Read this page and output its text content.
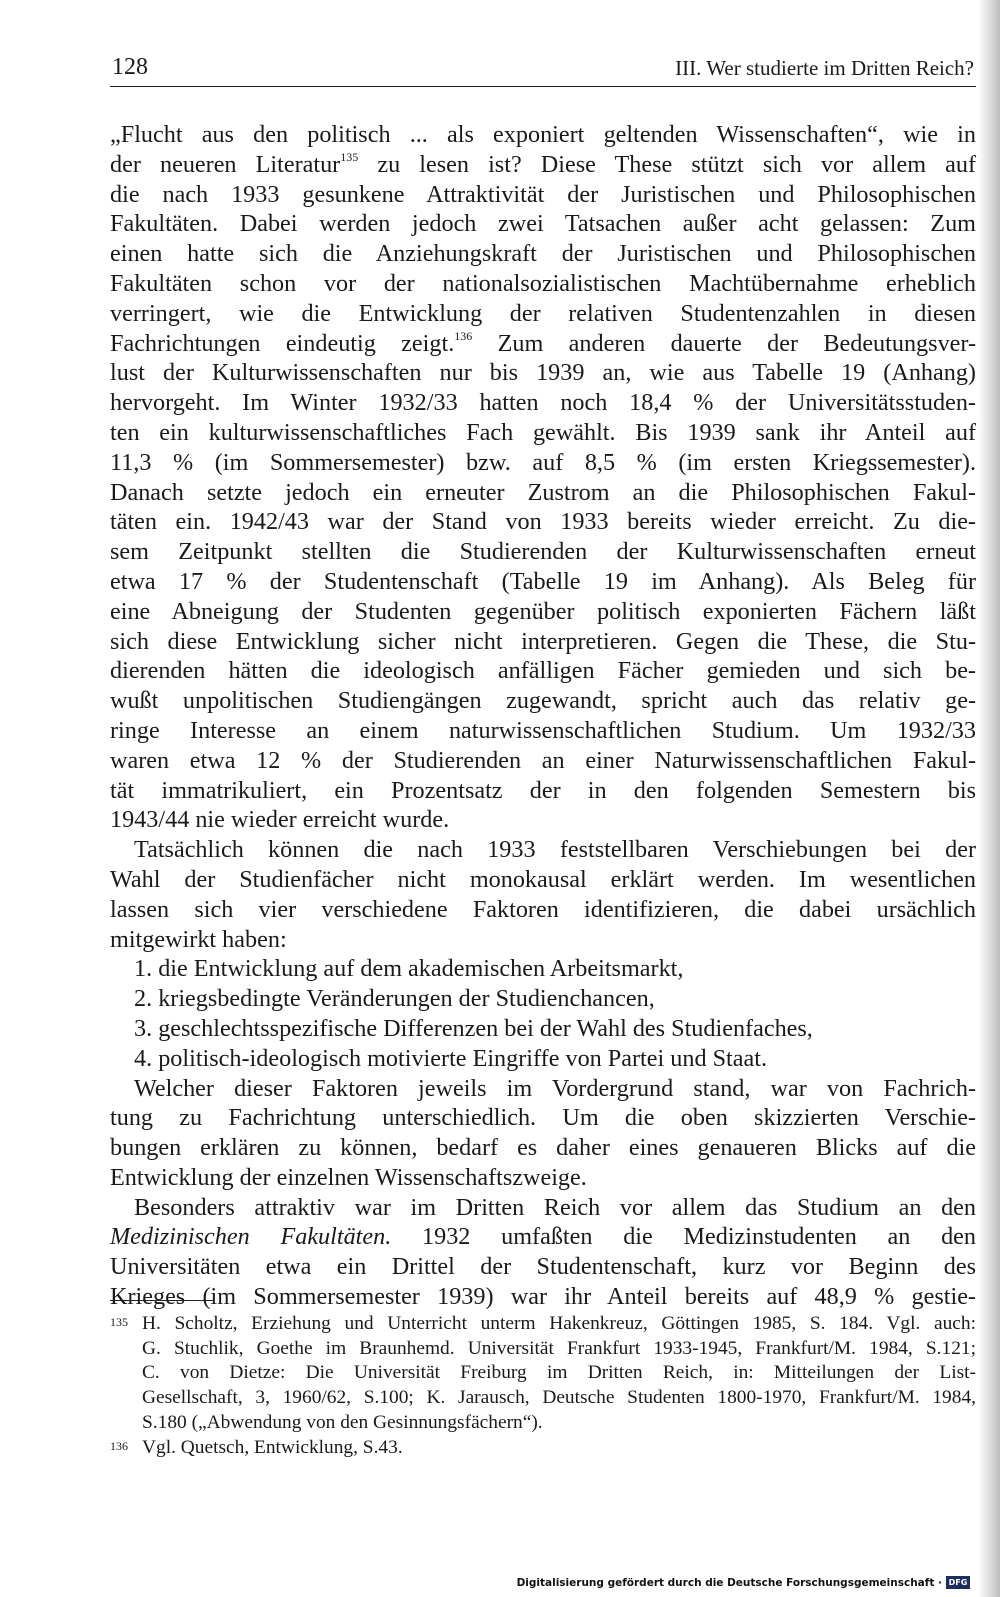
128	III. Wer studierte im Dritten Reich?
„Flucht aus den politisch ... als exponiert geltenden Wissenschaften“, wie in
der neueren Literatur$^{135}$ zu lesen ist? Diese These stützt sich vor allem auf
die nach 1933 gesunkene Attraktivität der Juristischen und Philosophischen
Fakultäten. Dabei werden jedoch zwei Tatsachen außer acht gelassen: Zum
einen hatte sich die Anziehungskraft der Juristischen und Philosophischen
Fakultäten schon vor der nationalsozialistischen Machtübernahme erheblich
verringert, wie die Entwicklung der relativen Studentenzahlen in diesen
Fachrichtungen eindeutig zeigt.$^{136}$ Zum anderen dauerte der Bedeutungsver-
lust der Kulturwissenschaften nur bis 1939 an, wie aus Tabelle 19 (Anhang)
hervorgeht. Im Winter 1932/33 hatten noch 18,4 % der Universitätsstuden-
ten ein kulturwissenschaftliches Fach gewählt. Bis 1939 sank ihr Anteil auf
11,3 % (im Sommersemester) bzw. auf 8,5 % (im ersten Kriegssemester).
Danach setzte jedoch ein erneuter Zustrom an die Philosophischen Fakul-
täten ein. 1942/43 war der Stand von 1933 bereits wieder erreicht. Zu die-
sem Zeitpunkt stellten die Studierenden der Kulturwissenschaften erneut
etwa 17 % der Studentenschaft (Tabelle 19 im Anhang). Als Beleg für
eine Abneigung der Studenten gegenüber politisch exponierten Fächern läßt
sich diese Entwicklung sicher nicht interpretieren. Gegen die These, die Stu-
dierenden hätten die ideologisch anfälligen Fächer gemieden und sich be-
wußt unpolitischen Studiengängen zugewandt, spricht auch das relativ ge-
ringe Interesse an einem naturwissenschaftlichen Studium. Um 1932/33
waren etwa 12 % der Studierenden an einer Naturwissenschaftlichen Fakul-
tät immatrikuliert, ein Prozentsatz der in den folgenden Semestern bis
1943/44 nie wieder erreicht wurde.
Tatsächlich können die nach 1933 feststellbaren Verschiebungen bei der
Wahl der Studienfächer nicht monokausal erklärt werden. Im wesentlichen
lassen sich vier verschiedene Faktoren identifizieren, die dabei ursächlich
mitgewirkt haben:
1. die Entwicklung auf dem akademischen Arbeitsmarkt,
2. kriegsbedingte Veränderungen der Studienchancen,
3. geschlechtsspezifische Differenzen bei der Wahl des Studienfaches,
4. politisch-ideologisch motivierte Eingriffe von Partei und Staat.
Welcher dieser Faktoren jeweils im Vordergrund stand, war von Fachrich-
tung zu Fachrichtung unterschiedlich. Um die oben skizzierten Verschie-
bungen erklären zu können, bedarf es daher eines genaueren Blicks auf die
Entwicklung der einzelnen Wissenschaftszweige.
Besonders attraktiv war im Dritten Reich vor allem das Studium an den
Medizinischen Fakultäten. 1932 umfaßten die Medizinstudenten an den
Universitäten etwa ein Drittel der Studentenschaft, kurz vor Beginn des
Krieges (im Sommersemester 1939) war ihr Anteil bereits auf 48,9 % gestie-
135 H. Scholtz, Erziehung und Unterricht unterm Hakenkreuz, Göttingen 1985, S. 184. Vgl. auch:
G. Stuchlik, Goethe im Braunhemd. Universität Frankfurt 1933-1945, Frankfurt/M. 1984, S.121;
C. von Dietze: Die Universität Freiburg im Dritten Reich, in: Mitteilungen der List-
Gesellschaft, 3, 1960/62, S.100; K. Jarausch, Deutsche Studenten 1800-1970, Frankfurt/M. 1984,
S.180 („Abwendung von den Gesinnungsfächern“).
136 Vgl. Quetsch, Entwicklung, S.43.
Digitalisierung gefördert durch die Deutsche Forschungsgemeinschaft · DFG
